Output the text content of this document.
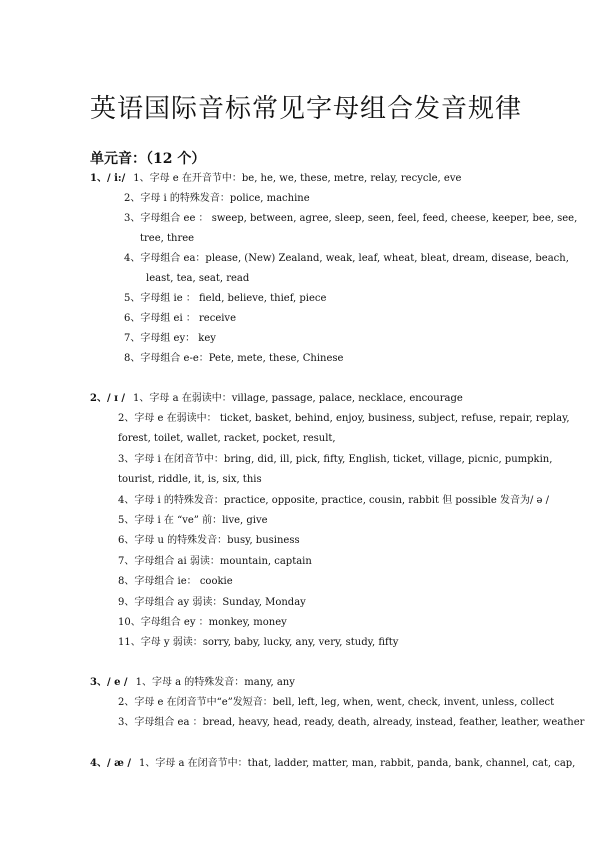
英语国际音标常见字母组合发音规律
单元音：（12 个）
1、/ i:/ 1、字母 e 在开音节中：be, he, we, these, metre, relay, recycle, eve
2、字母 i 的特殊发音：police, machine
3、字母组合 ee ： sweep, between, agree, sleep, seen, feel, feed, cheese, keeper, bee, see,
tree, three
4、字母组合 ea：please, (New) Zealand, weak, leaf, wheat, bleat, dream, disease, beach,
least, tea, seat, read
5、字母组 ie ： field, believe, thief, piece
6、字母组 ei ： receive
7、字母组 ey： key
8、字母组合 e-e：Pete, mete, these, Chinese
2、/ ɪ / 1、字母 a 在弱读中：village, passage, palace, necklace, encourage
2、字母 e 在弱读中： ticket, basket, behind, enjoy, business, subject, refuse, repair, replay,
forest, toilet, wallet, racket, pocket, result,
3、字母 i 在闭音节中：bring, did, ill, pick, fifty, English, ticket, village, picnic, pumpkin,
tourist, riddle, it, is, six, this
4、字母 i 的特殊发音：practice, opposite, practice, cousin, rabbit 但 possible 发音为/ ə /
5、字母 i 在 “ve” 前：live, give
6、字母 u 的特殊发音：busy, business
7、字母组合 ai 弱读：mountain, captain
8、字母组合 ie： cookie
9、字母组合 ay 弱读：Sunday, Monday
10、字母组合 ey ：monkey, money
11、字母 y 弱读：sorry, baby, lucky, any, very, study, fifty
3、/ e / 1、字母 a 的特殊发音：many, any
2、字母 e 在闭音节中“e”发短音：bell, left, leg, when, went, check, invent, unless, collect
3、字母组合 ea ：bread, heavy, head, ready, death, already, instead, feather, leather, weather
4、/ æ / 1、字母 a 在闭音节中：that, ladder, matter, man, rabbit, panda, bank, channel, cat, cap,
